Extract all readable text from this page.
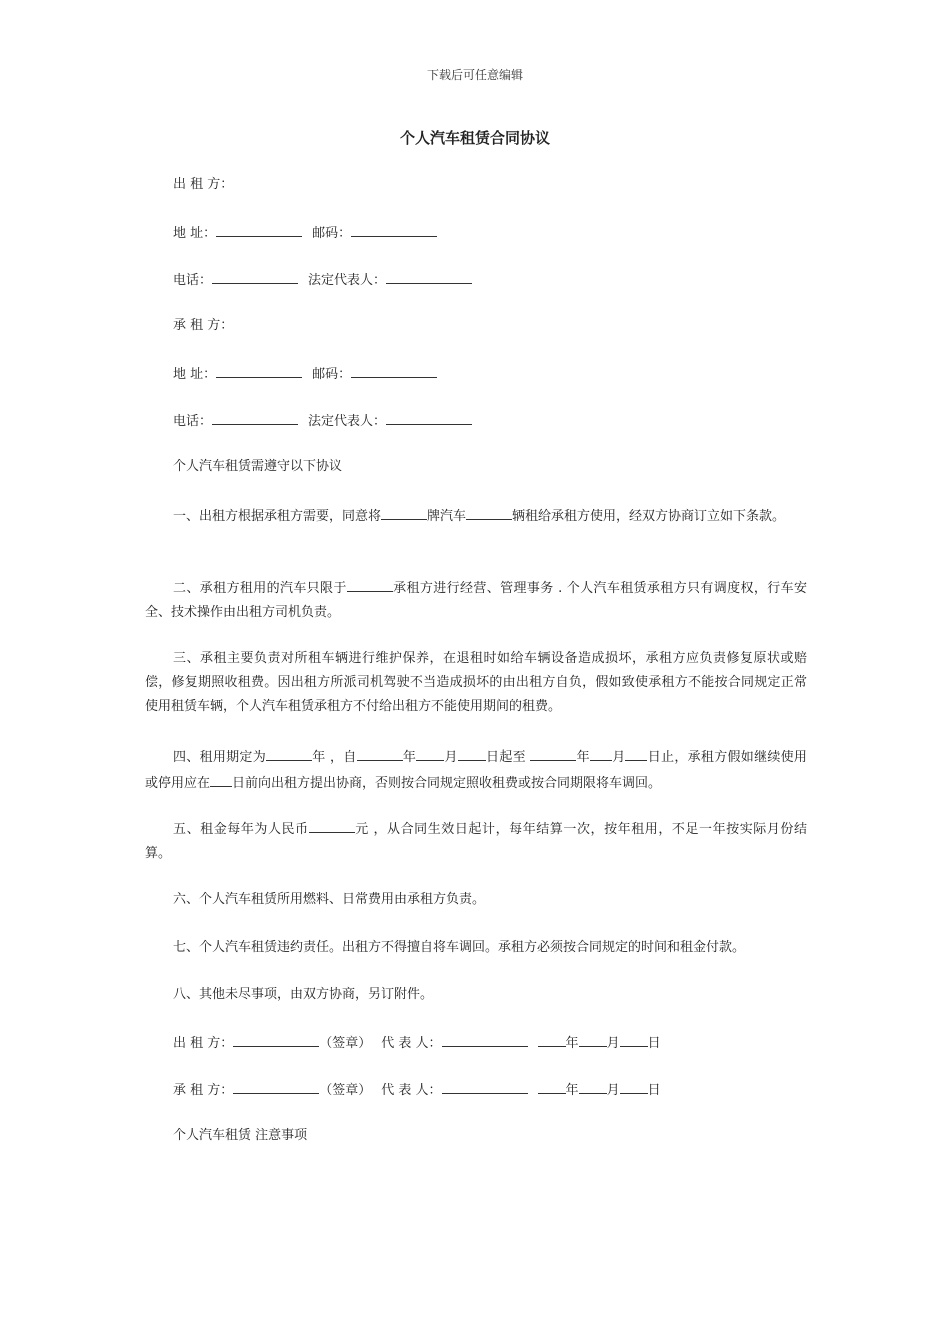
下载后可任意编辑
个人汽车租赁合同协议
出 租 方：
地 址：	邮码：
电话：	法定代表人：
承 租 方：
地 址：	邮码：
电话：	法定代表人：
个人汽车租赁需遵守以下协议
一、出租方根据承租方需要，同意将	牌汽车	辆租给承租方使用，经双方协商订立如下条款。
二、承租方租用的汽车只限于	承租方进行经营、管理事务 . 个人汽车租赁承租方只有调度权，行车安全、技术操作由出租方司机负责。
三、承租主要负责对所租车辆进行维护保养，在退租时如给车辆设备造成损坏，承租方应负责修复原状或赔偿，修复期照收租费。因出租方所派司机驾驶不当造成损坏的由出租方自负，假如致使承租方不能按合同规定正常使用租赁车辆，个人汽车租赁承租方不付给出租方不能使用期间的租费。
四、租用期定为	年 ，自	年 月 日起至	年 月 日止，承租方假如继续使用或停用应在 日前向出租方提出协商，否则按合同规定照收租费或按合同期限将车调回。
五、租金每年为人民币	元 ，从合同生效日起计，每年结算一次，按年租用，不足一年按实际月份结算。
六、个人汽车租赁所用燃料、日常费用由承租方负责。
七、个人汽车租赁违约责任。出租方不得擅自将车调回。承租方必须按合同规定的时间和租金付款。
八、其他未尽事项，由双方协商，另订附件。
出 租 方：	（签章） 代 表 人：	年 月 日
承 租 方：	（签章） 代 表 人：	年 月 日
个人汽车租赁 注意事项
